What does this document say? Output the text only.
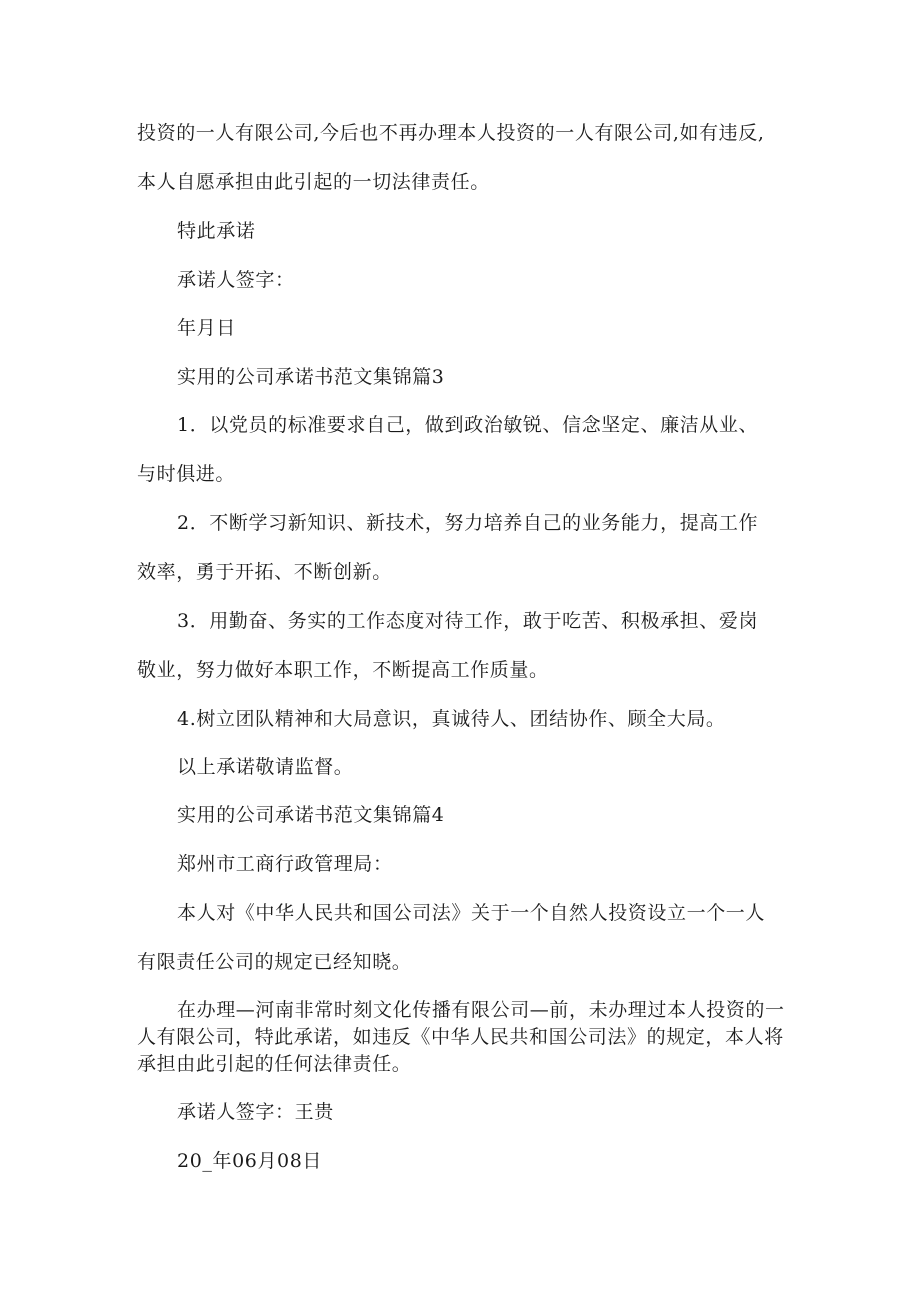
投资的一人有限公司,今后也不再办理本人投资的一人有限公司,如有违反,
本人自愿承担由此引起的一切法律责任。
特此承诺
承诺人签字：
年月日
实用的公司承诺书范文集锦篇3
1．以党员的标准要求自己，做到政治敏锐、信念坚定、廉洁从业、
与时俱进。
2．不断学习新知识、新技术，努力培养自己的业务能力，提高工作
效率，勇于开拓、不断创新。
3．用勤奋、务实的工作态度对待工作，敢于吃苦、积极承担、爱岗
敬业，努力做好本职工作，不断提高工作质量。
4.树立团队精神和大局意识，真诚待人、团结协作、顾全大局。
以上承诺敬请监督。
实用的公司承诺书范文集锦篇4
郑州市工商行政管理局：
本人对《中华人民共和国公司法》关于一个自然人投资设立一个一人
有限责任公司的规定已经知晓。
在办理—河南非常时刻文化传播有限公司—前，未办理过本人投资的一人有限公司，特此承诺，如违反《中华人民共和国公司法》的规定，本人将承担由此引起的任何法律责任。
承诺人签字：王贵
20_年06月08日
